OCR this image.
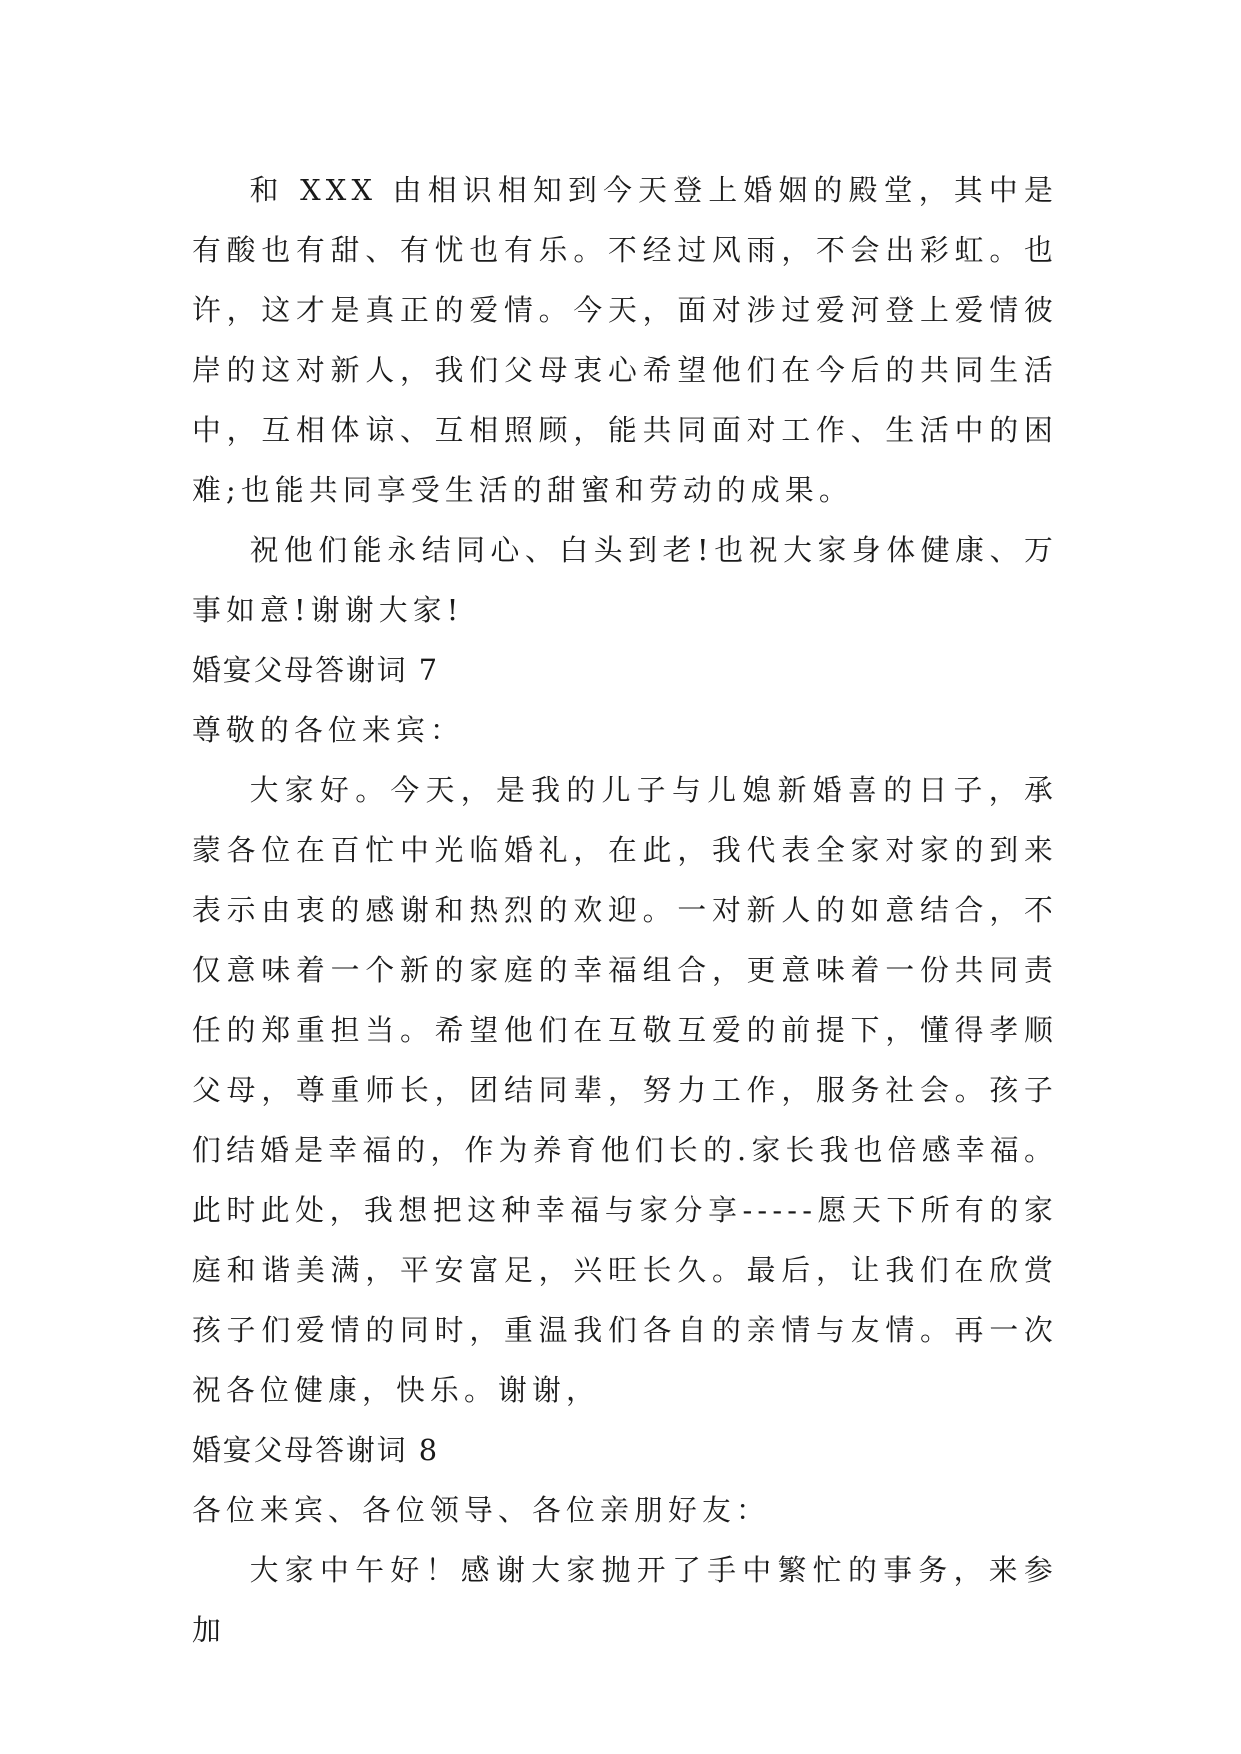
和 XXX 由相识相知到今天登上婚姻的殿堂，其中是有酸也有甜、有忧也有乐。不经过风雨，不会出彩虹。也许，这才是真正的爱情。今天，面对涉过爱河登上爱情彼岸的这对新人，我们父母衷心希望他们在今后的共同生活中，互相体谅、互相照顾，能共同面对工作、生活中的困难;也能共同享受生活的甜蜜和劳动的成果。

祝他们能永结同心、白头到老!也祝大家身体健康、万事如意!谢谢大家!

婚宴父母答谢词 7

尊敬的各位来宾：

大家好。今天，是我的儿子与儿媳新婚喜的日子，承蒙各位在百忙中光临婚礼，在此，我代表全家对家的到来表示由衷的感谢和热烈的欢迎。一对新人的如意结合，不仅意味着一个新的家庭的幸福组合，更意味着一份共同责任的郑重担当。希望他们在互敬互爱的前提下，懂得孝顺父母，尊重师长，团结同辈，努力工作，服务社会。孩子们结婚是幸福的，作为养育他们长的.家长我也倍感幸福。此时此处，我想把这种幸福与家分享-----愿天下所有的家庭和谐美满，平安富足，兴旺长久。最后，让我们在欣赏孩子们爱情的同时，重温我们各自的亲情与友情。再一次祝各位健康，快乐。谢谢，

婚宴父母答谢词 8

各位来宾、各位领导、各位亲朋好友：

大家中午好！感谢大家抛开了手中繁忙的事务，来参加
